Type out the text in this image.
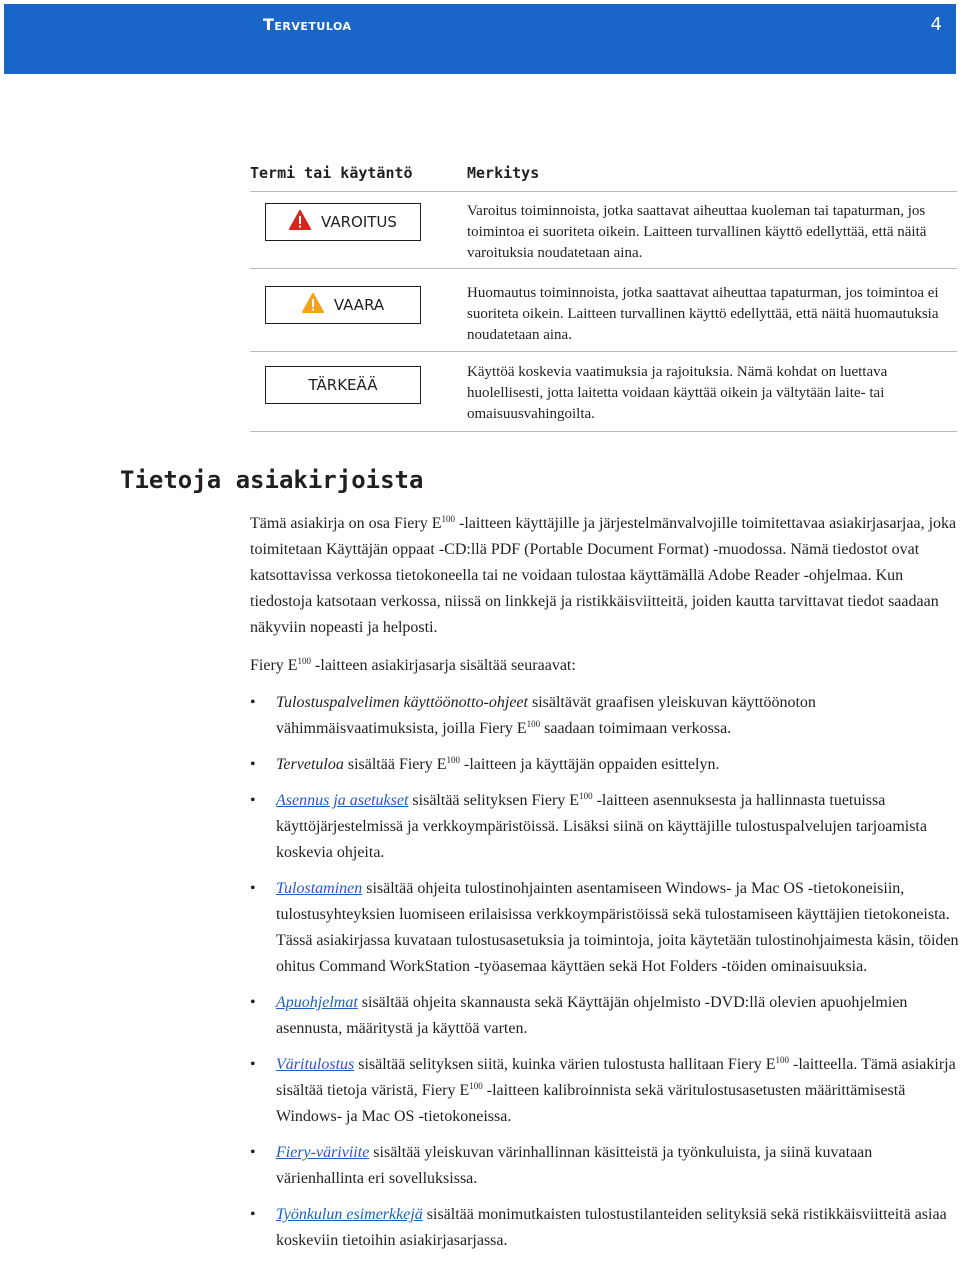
Tervetuloa	4
Termi tai käytäntö	Merkitys
VAROITUS
Varoitus toiminnoista, jotka saattavat aiheuttaa kuoleman tai tapaturman, jos toimintoa ei suoriteta oikein. Laitteen turvallinen käyttö edellyttää, että näitä varoituksia noudatetaan aina.
VAARA
Huomautus toiminnoista, jotka saattavat aiheuttaa tapaturman, jos toimintoa ei suoriteta oikein. Laitteen turvallinen käyttö edellyttää, että näitä huomautuksia noudatetaan aina.
TÄRKEÄÄ
Käyttöä koskevia vaatimuksia ja rajoituksia. Nämä kohdat on luettava huolellisesti, jotta laitetta voidaan käyttää oikein ja vältytään laite- tai omaisuusvahingoilta.
Tietoja asiakirjoista
Tämä asiakirja on osa Fiery $E^{100}$ -laitteen käyttäjille ja järjestelmänvalvojille toimitettavaa asiakirjasarjaa, joka toimitetaan Käyttäjän oppaat -CD:llä PDF (Portable Document Format) -muodossa. Nämä tiedostot ovat katsottavissa verkossa tietokoneella tai ne voidaan tulostaa käyttämällä Adobe Reader -ohjelmaa. Kun tiedostoja katsotaan verkossa, niissä on linkkejä ja ristikkäisviitteitä, joiden kautta tarvittavat tiedot saadaan näkyviin nopeasti ja helposti.
Fiery $E^{100}$ -laitteen asiakirjasarja sisältää seuraavat:
• Tulostuspalvelimen käyttöönotto-ohjeet sisältävät graafisen yleiskuvan käyttöönoton vähimmäisvaatimuksista, joilla Fiery $E^{100}$ saadaan toimimaan verkossa.
• Tervetuloa sisältää Fiery $E^{100}$ -laitteen ja käyttäjän oppaiden esittelyn.
• Asennus ja asetukset sisältää selityksen Fiery $E^{100}$ -laitteen asennuksesta ja hallinnasta tuetuissa käyttöjärjestelmissä ja verkkoympäristöissä. Lisäksi siinä on käyttäjille tulostuspalvelujen tarjoamista koskevia ohjeita.
• Tulostaminen sisältää ohjeita tulostinohjainten asentamiseen Windows- ja Mac OS -tietokoneisiin, tulostusyhteyksien luomiseen erilaisissa verkkoympäristöissä sekä tulostamiseen käyttäjien tietokoneista. Tässä asiakirjassa kuvataan tulostusasetuksia ja toimintoja, joita käytetään tulostinohjaimesta käsin, töiden ohitus Command WorkStation -työasemaa käyttäen sekä Hot Folders -töiden ominaisuuksia.
• Apuohjelmat sisältää ohjeita skannausta sekä Käyttäjän ohjelmisto -DVD:llä olevien apuohjelmien asennusta, määritystä ja käyttöä varten.
• Väritulostus sisältää selityksen siitä, kuinka värien tulostusta hallitaan Fiery $E^{100}$ -laitteella. Tämä asiakirja sisältää tietoja väristä, Fiery $E^{100}$ -laitteen kalibroinnista sekä väritulostusasetusten määrittämisestä Windows- ja Mac OS -tietokoneissa.
• Fiery-väriviite sisältää yleiskuvan värinhallinnan käsitteistä ja työnkuluista, ja siinä kuvataan värienhallinta eri sovelluksissa.
• Työnkulun esimerkkejä sisältää monimutkaisten tulostustilanteiden selityksiä sekä ristikkäisviitteitä asiaa koskeviin tietoihin asiakirjasarjassa.
